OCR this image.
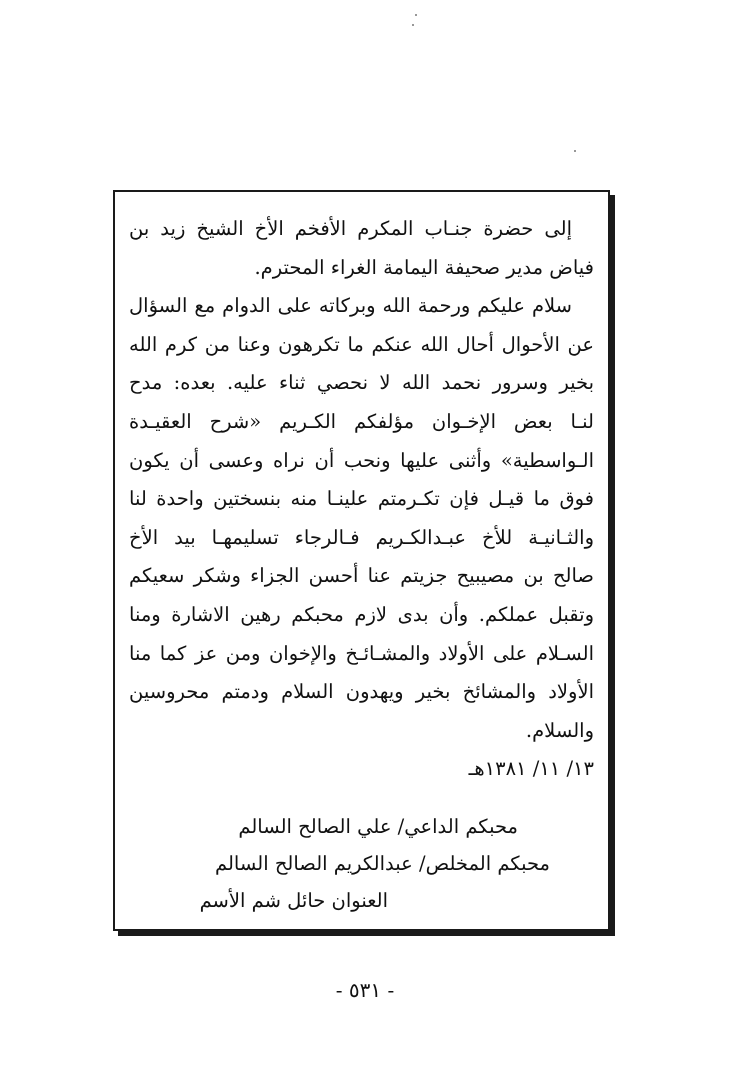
إلى حضرة جنـاب المكرم الأفخم الأخ الشيخ زيد بن
فياض مدير صحيفة اليمامة الغراء المحترم.
سلام عليكم ورحمة الله وبركاته على الدوام مع السؤال
عن الأحوال أحال الله عنكم ما تكرهون وعنا من كرم الله
بخير وسرور نحمد الله لا نحصي ثناء عليه. بعده: مدح
لنـا بعض الإخـوان مؤلفكم الكـريم «شرح العقيـدة
الـواسطية» وأثنى عليها ونحب أن نراه وعسى أن يكون
فوق ما قيـل فإن تكـرمتم علينـا منه بنسختين واحدة لنا
والثـانيـة للأخ عبـدالكـريم فـالرجاء تسليمهـا بيد الأخ
صالح بن مصيبيح جزيتم عنا أحسن الجزاء وشكر سعيكم
وتقبل عملكم. وأن بدى لازم محبكم رهين الاشارة ومنا
السـلام على الأولاد والمشـائـخ والإخوان ومن عز كما منا
الأولاد والمشائخ بخير ويهدون السلام ودمتم محروسين
والسلام.
١٣/ ١١/ ١٣٨١هـ
محبكم الداعي/ علي الصالح السالم
محبكم المخلص/ عبدالكريم الصالح السالم
العنوان حائل شم الأسم
- ٥٣١ -
